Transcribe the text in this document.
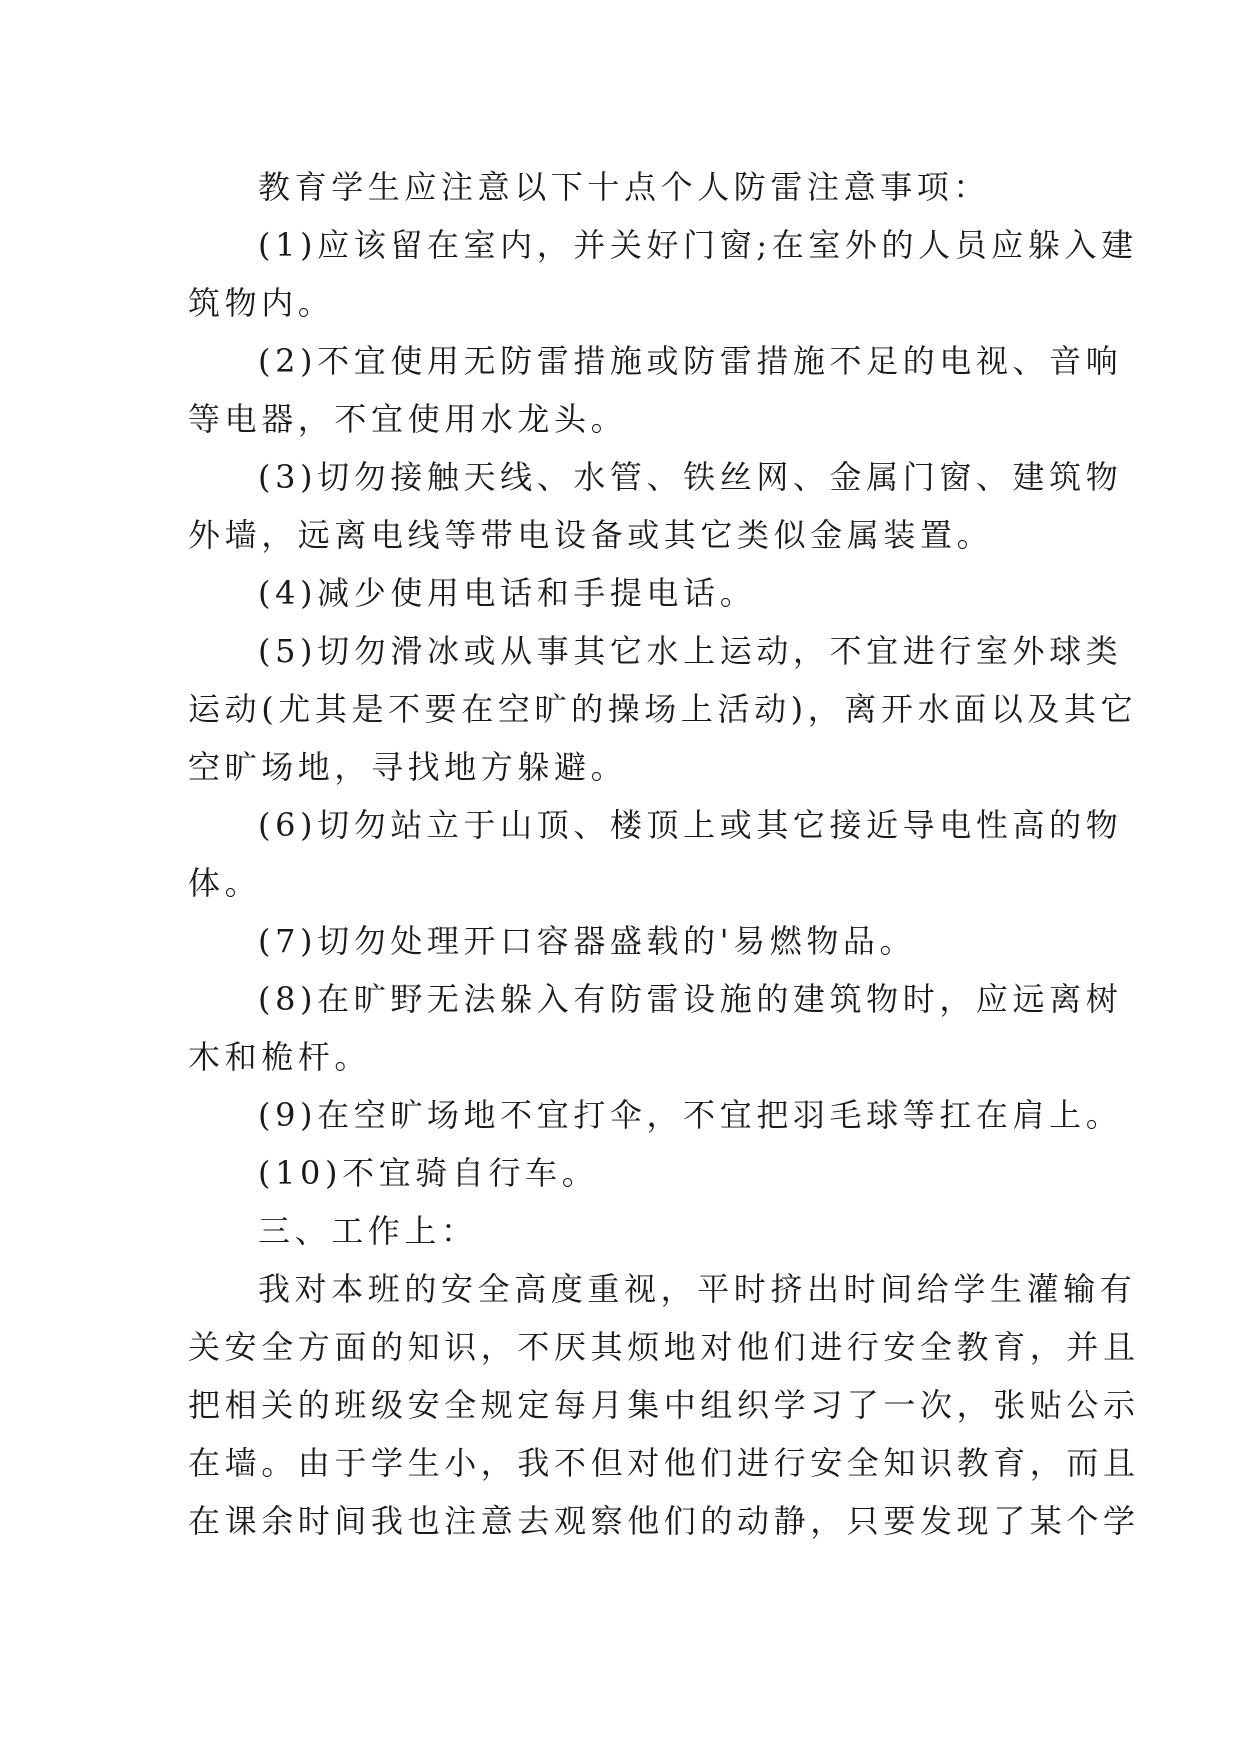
教育学生应注意以下十点个人防雷注意事项：
(1)应该留在室内，并关好门窗;在室外的人员应躲入建
筑物内。
(2)不宜使用无防雷措施或防雷措施不足的电视、音响
等电器，不宜使用水龙头。
(3)切勿接触天线、水管、铁丝网、金属门窗、建筑物
外墙，远离电线等带电设备或其它类似金属装置。
(4)减少使用电话和手提电话。
(5)切勿滑冰或从事其它水上运动，不宜进行室外球类
运动(尤其是不要在空旷的操场上活动)，离开水面以及其它
空旷场地，寻找地方躲避。
(6)切勿站立于山顶、楼顶上或其它接近导电性高的物
体。
(7)切勿处理开口容器盛载的'易燃物品。
(8)在旷野无法躲入有防雷设施的建筑物时，应远离树
木和桅杆。
(9)在空旷场地不宜打伞，不宜把羽毛球等扛在肩上。
(10)不宜骑自行车。
三、工作上：
我对本班的安全高度重视，平时挤出时间给学生灌输有
关安全方面的知识，不厌其烦地对他们进行安全教育，并且
把相关的班级安全规定每月集中组织学习了一次，张贴公示
在墙。由于学生小，我不但对他们进行安全知识教育，而且
在课余时间我也注意去观察他们的动静，只要发现了某个学
